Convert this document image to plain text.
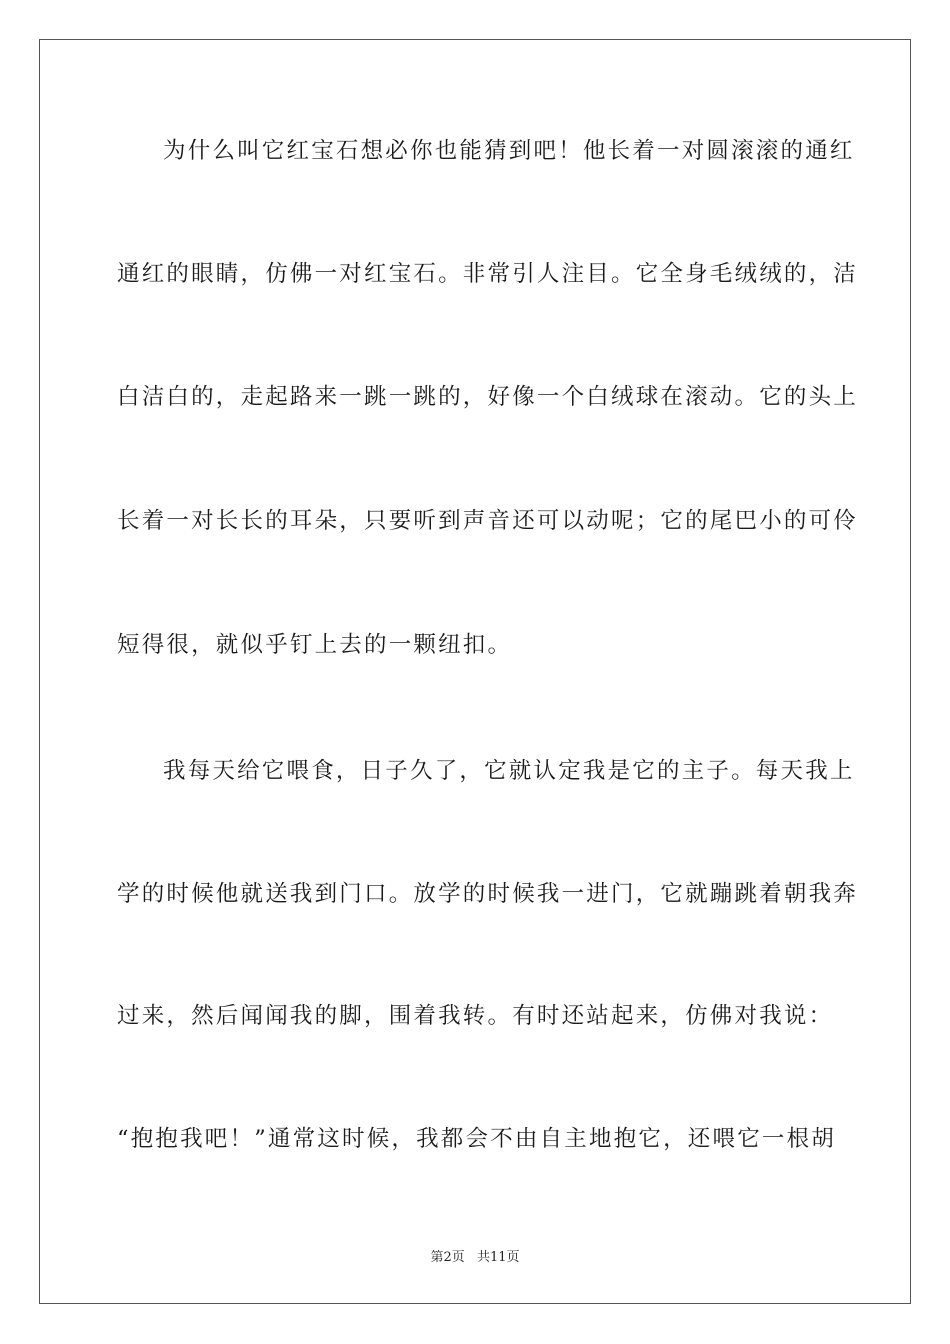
为什么叫它红宝石想必你也能猜到吧！他长着一对圆滚滚的通红
通红的眼睛，仿佛一对红宝石。非常引人注目。它全身毛绒绒的，洁
白洁白的，走起路来一跳一跳的，好像一个白绒球在滚动。它的头上
长着一对长长的耳朵，只要听到声音还可以动呢；它的尾巴小的可伶
短得很，就似乎钉上去的一颗纽扣。
我每天给它喂食，日子久了，它就认定我是它的主子。每天我上
学的时候他就送我到门口。放学的时候我一进门，它就蹦跳着朝我奔
过来，然后闻闻我的脚，围着我转。有时还站起来，仿佛对我说：
“抱抱我吧！”通常这时候，我都会不由自主地抱它，还喂它一根胡
第2页 共11页
